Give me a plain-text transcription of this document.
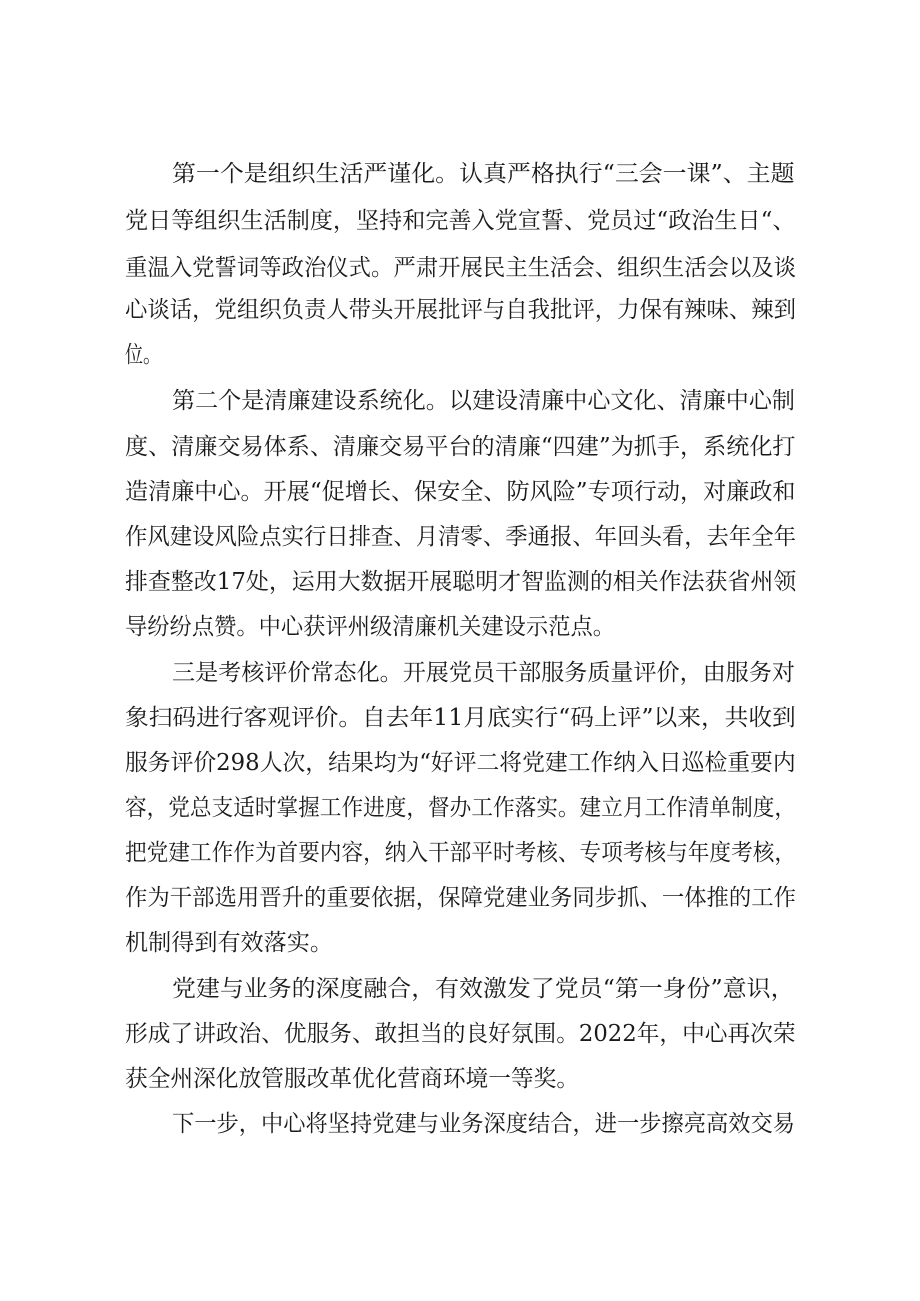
第一个是组织生活严谨化。认真严格执行“三会一课”、主题
党日等组织生活制度，坚持和完善入党宣誓、党员过“政治生日“、
重温入党誓词等政治仪式。严肃开展民主生活会、组织生活会以及谈
心谈话，党组织负责人带头开展批评与自我批评，力保有辣味、辣到
位。
第二个是清廉建设系统化。以建设清廉中心文化、清廉中心制
度、清廉交易体系、清廉交易平台的清廉“四建”为抓手，系统化打
造清廉中心。开展“促增长、保安全、防风险”专项行动，对廉政和
作风建设风险点实行日排查、月清零、季通报、年回头看，去年全年
排查整改17处，运用大数据开展聪明才智监测的相关作法获省州领
导纷纷点赞。中心获评州级清廉机关建设示范点。
三是考核评价常态化。开展党员干部服务质量评价，由服务对
象扫码进行客观评价。自去年11月底实行“码上评”以来，共收到
服务评价298人次，结果均为“好评二将党建工作纳入日巡检重要内
容，党总支适时掌握工作进度，督办工作落实。建立月工作清单制度，
把党建工作作为首要内容，纳入干部平时考核、专项考核与年度考核，
作为干部选用晋升的重要依据，保障党建业务同步抓、一体推的工作
机制得到有效落实。
党建与业务的深度融合，有效激发了党员“第一身份”意识，
形成了讲政治、优服务、敢担当的良好氛围。2022年，中心再次荣
获全州深化放管服改革优化营商环境一等奖。
下一步，中心将坚持党建与业务深度结合，进一步擦亮高效交易
